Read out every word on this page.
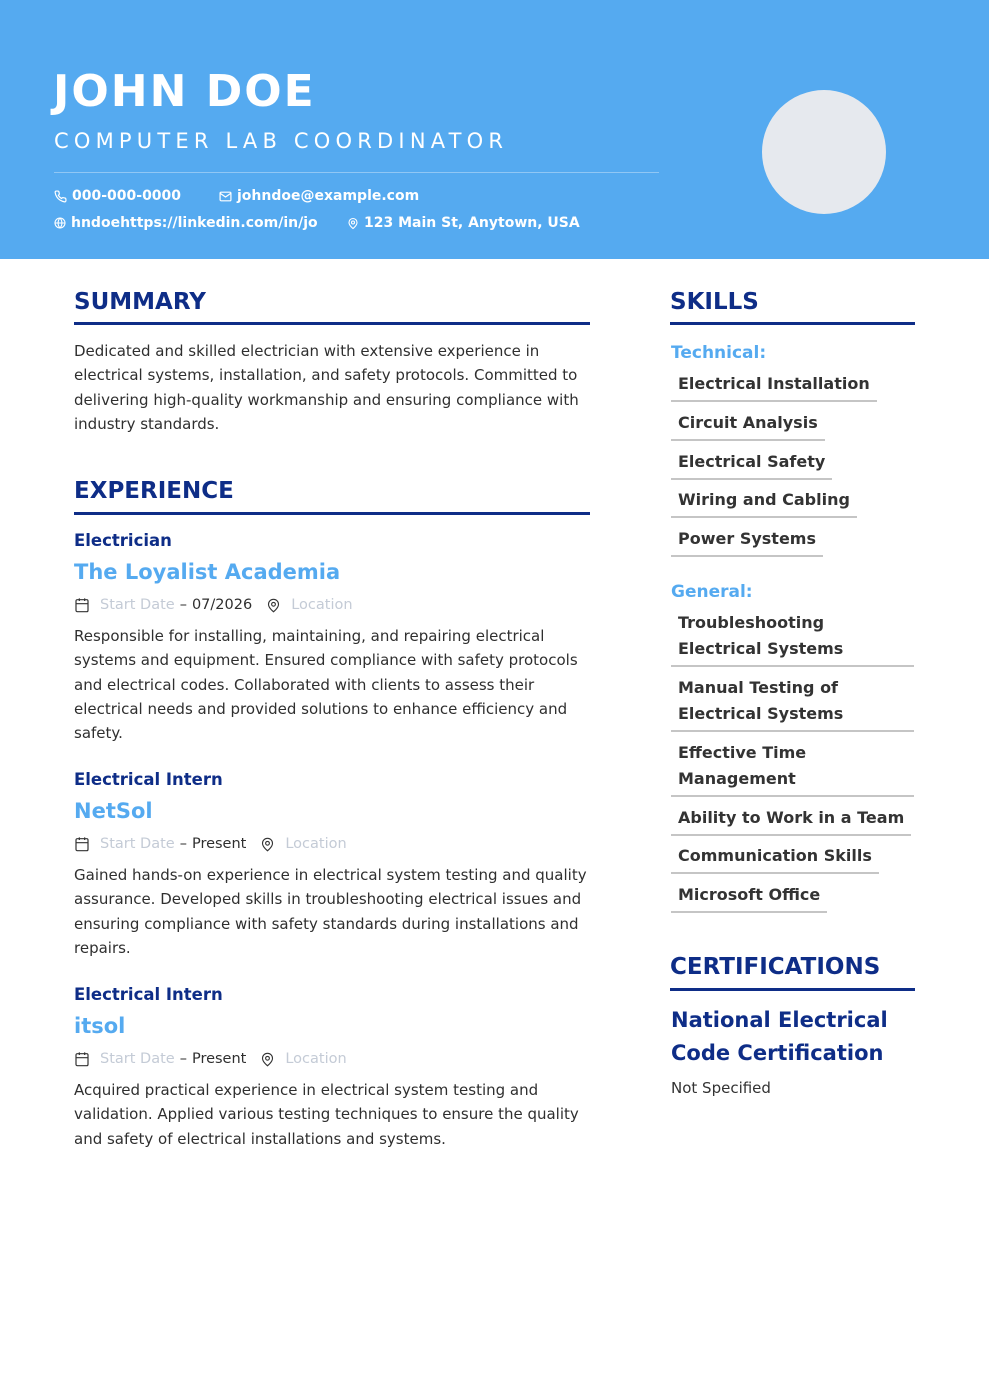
JOHN DOE
COMPUTER LAB COORDINATOR
000-000-0000	johndoe@example.com
hndoehttps://linkedin.com/in/jo	123 Main St, Anytown, USA
SUMMARY
Dedicated and skilled electrician with extensive experience in electrical systems, installation, and safety protocols. Committed to delivering high-quality workmanship and ensuring compliance with industry standards.
EXPERIENCE
Electrician
The Loyalist Academia
Start Date – 07/2026	Location
Responsible for installing, maintaining, and repairing electrical systems and equipment. Ensured compliance with safety protocols and electrical codes. Collaborated with clients to assess their electrical needs and provided solutions to enhance efficiency and safety.
Electrical Intern
NetSol
Start Date – Present	Location
Gained hands-on experience in electrical system testing and quality assurance. Developed skills in troubleshooting electrical issues and ensuring compliance with safety standards during installations and repairs.
Electrical Intern
itsol
Start Date – Present	Location
Acquired practical experience in electrical system testing and validation. Applied various testing techniques to ensure the quality and safety of electrical installations and systems.
SKILLS
Technical:
Electrical Installation
Circuit Analysis
Electrical Safety
Wiring and Cabling
Power Systems
General:
Troubleshooting Electrical Systems
Manual Testing of Electrical Systems
Effective Time Management
Ability to Work in a Team
Communication Skills
Microsoft Office
CERTIFICATIONS
National Electrical Code Certification
Not Specified
